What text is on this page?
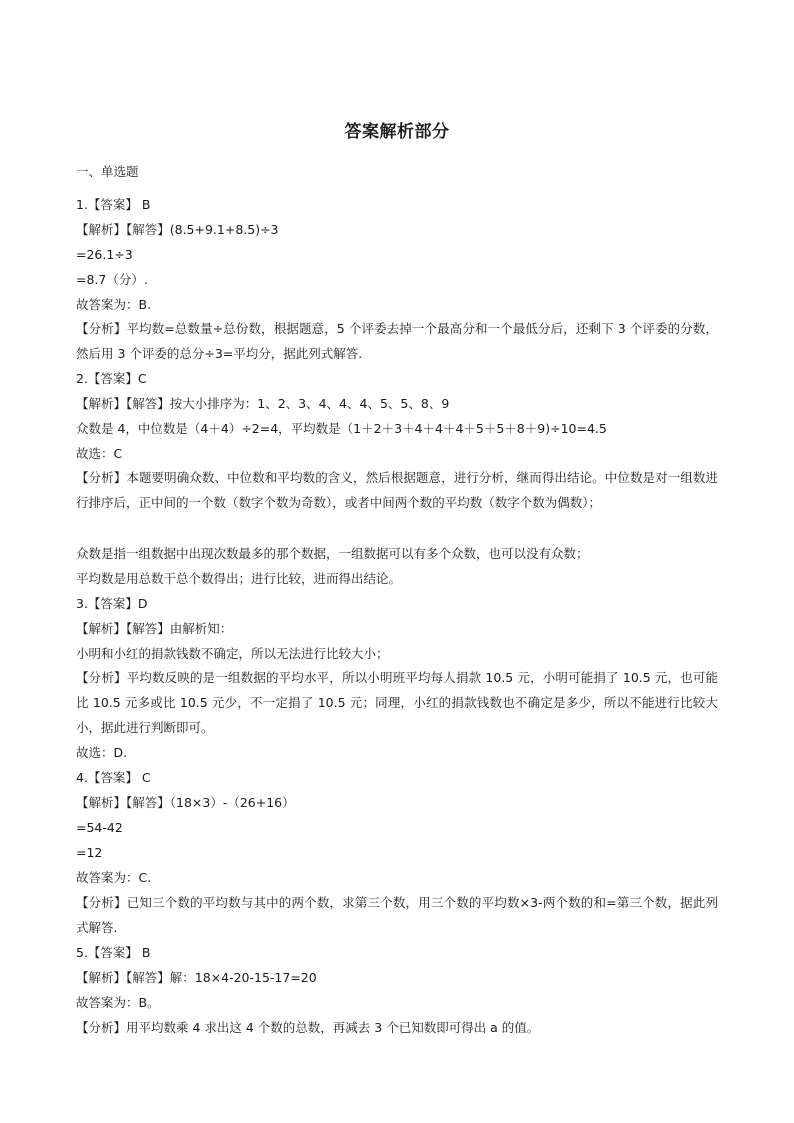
答案解析部分
一、单选题
1.【答案】 B
【解析】【解答】(8.5+9.1+8.5)÷3
=26.1÷3
=8.7（分）.
故答案为：B.
【分析】平均数=总数量÷总份数，根据题意，5 个评委去掉一个最高分和一个最低分后，还剩下 3 个评委的分数，然后用 3 个评委的总分÷3=平均分，据此列式解答.
2.【答案】C
【解析】【解答】按大小排序为：1、2、3、4、4、4、5、5、8、9
众数是 4，中位数是（4＋4）÷2=4，平均数是（1＋2＋3＋4＋4＋4＋5＋5＋8＋9)÷10=4.5
故选：C
【分析】本题要明确众数、中位数和平均数的含义，然后根据题意，进行分析，继而得出结论。中位数是对一组数进行排序后，正中间的一个数（数字个数为奇数），或者中间两个数的平均数（数字个数为偶数）；
众数是指一组数据中出现次数最多的那个数据，一组数据可以有多个众数，也可以没有众数；
平均数是用总数干总个数得出；进行比较，进而得出结论。
3.【答案】D
【解析】【解答】由解析知：
小明和小红的捐款钱数不确定，所以无法进行比较大小；
【分析】平均数反映的是一组数据的平均水平，所以小明班平均每人捐款 10.5 元，小明可能捐了 10.5 元，也可能比 10.5 元多或比 10.5 元少，不一定捐了 10.5 元；同理，小红的捐款钱数也不确定是多少，所以不能进行比较大小，据此进行判断即可。
故选：D.
4.【答案】 C
【解析】【解答】（18×3）-（26+16）
=54-42
=12
故答案为：C.
【分析】已知三个数的平均数与其中的两个数，求第三个数，用三个数的平均数×3-两个数的和=第三个数，据此列式解答.
5.【答案】 B
【解析】【解答】解：18×4-20-15-17=20
故答案为：B。
【分析】用平均数乘 4 求出这 4 个数的总数，再减去 3 个已知数即可得出 a 的值。
